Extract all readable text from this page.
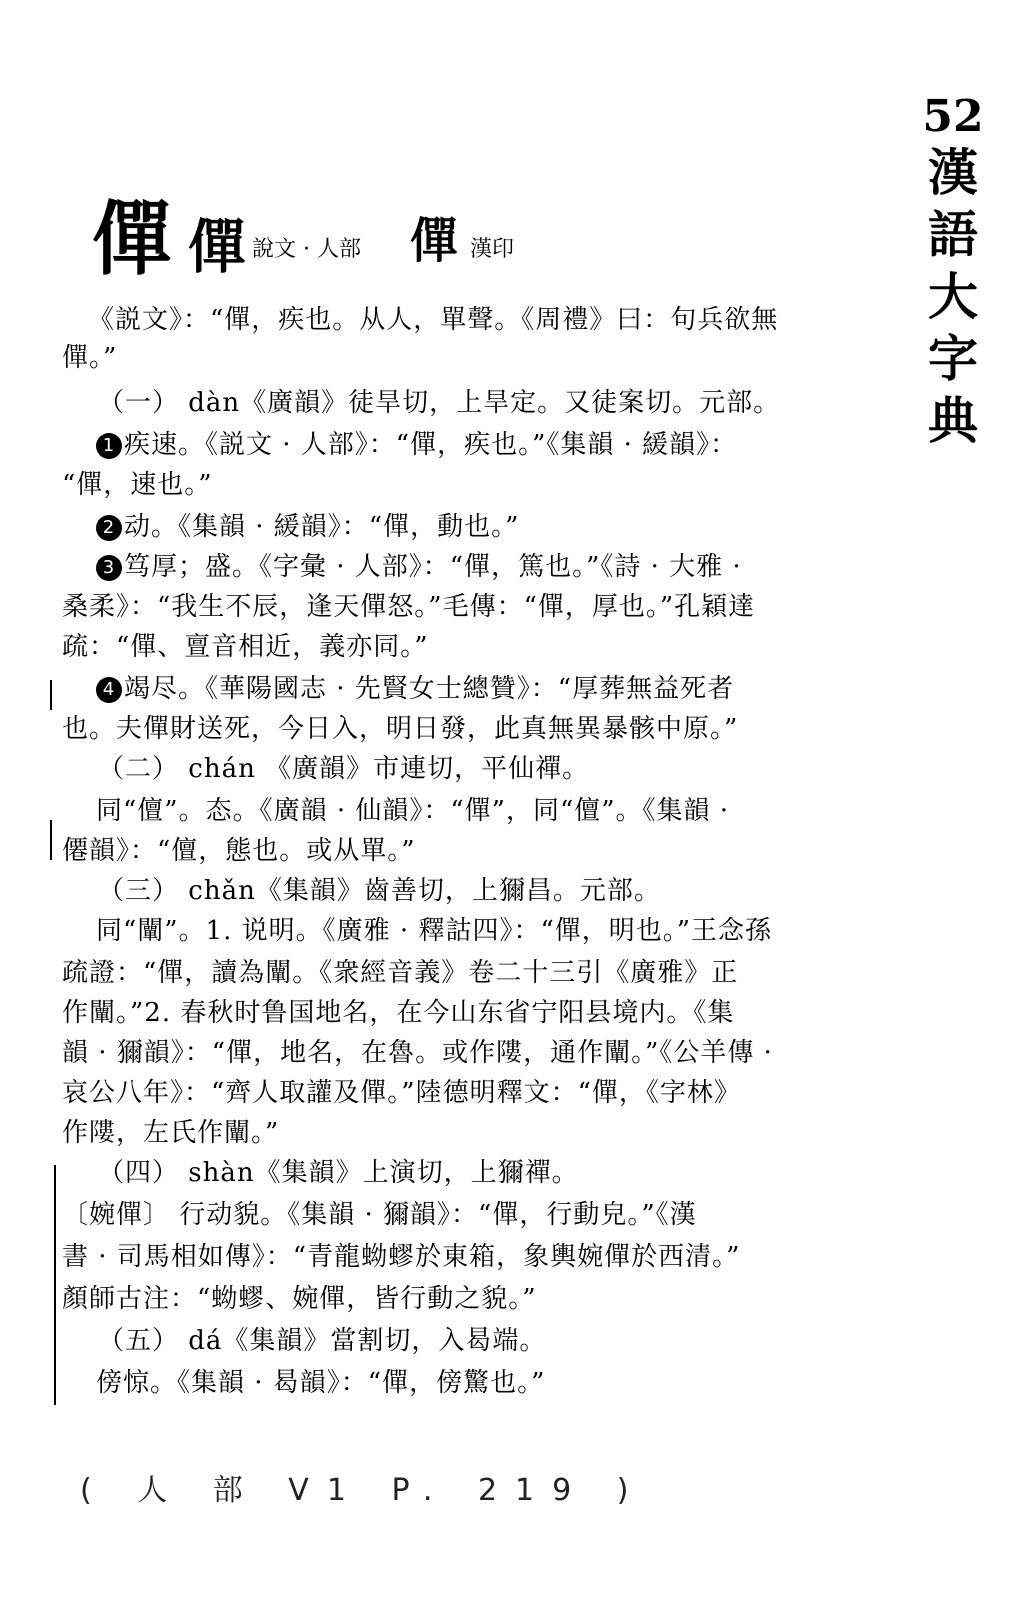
52
漢
語
大
字
典
僤 僤 說文 · 人部 僤 漢印
《説文》：“僤，疾也。从人，單聲。《周禮》曰：句兵欲無
僤。”
（一） dàn《廣韻》徒旱切，上旱定。又徒案切。元部。
1 疾速。《説文 · 人部》：“僤，疾也。”《集韻 · 緩韻》：
“僤，速也。”
2 动。《集韻 · 緩韻》：“僤，動也。”
3 笃厚；盛。《字彙 · 人部》：“僤，篤也。”《詩 · 大雅 ·
桑柔》：“我生不辰，逢天僤怒。”毛傳：“僤，厚也。”孔穎達
疏：“僤、亶音相近，義亦同。”
4 竭尽。《華陽國志 · 先賢女士總贊》：“厚葬無益死者
也。夫僤財送死，今日入，明日發，此真無異暴骸中原。”
（二） chán 《廣韻》市連切，平仙禪。
同“儃”。态。《廣韻 · 仙韻》：“僤”，同“儃”。《集韻 ·
僊韻》：“儃，態也。或从單。”
（三） chǎn《集韻》齒善切，上獮昌。元部。
同“闡”。1. 说明。《廣雅 · 釋詁四》：“僤，明也。”王念孫
疏證：“僤，讀為闡。《衆經音義》卷二十三引《廣雅》正
作闡。”2. 春秋时鲁国地名，在今山东省宁阳县境内。《集
韻 · 獮韻》：“僤，地名，在魯。或作𨻻，通作闡。”《公羊傳 ·
哀公八年》：“齊人取讙及僤。”陸德明釋文：“僤，《字林》
作𨻻，左氏作闡。”
（四） shàn《集韻》上演切，上獮禪。
〔婉僤〕 行动貌。《集韻 · 獮韻》：“僤，行動皃。”《漢
書 · 司馬相如傳》：“青龍蚴蟉於東箱，象輿婉僤於西清。”
顏師古注：“蚴蟉、婉僤，皆行動之貌。”
（五） dá《集韻》當割切，入曷端。
傍惊。《集韻 · 曷韻》：“僤，傍驚也。”
( 人 部 V1 P. 219 )
